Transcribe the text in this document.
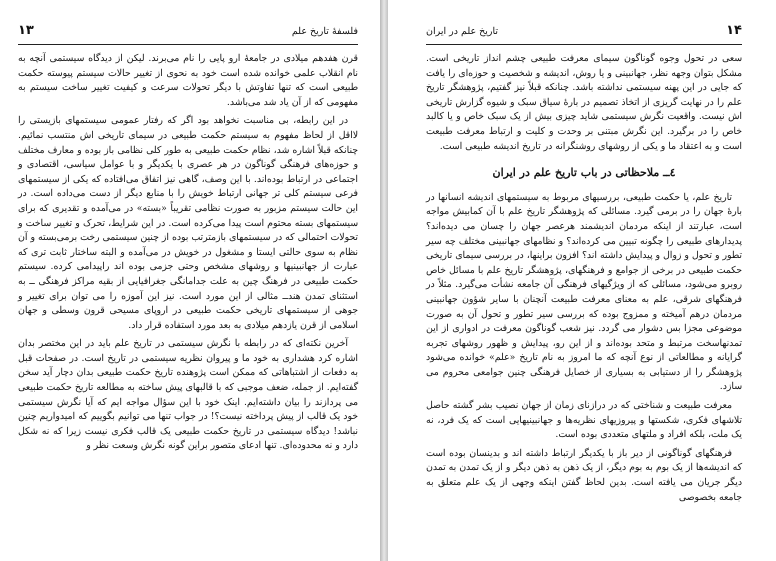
۱۳	فلسفهٔ تاریخ علم

قرن هفدهم میلادی در جامعهٔ ارو پایی را نام می‌برند. لیکن از دیدگاه سیستمی آنچه به نام انقلاب علمی خوانده شده است خود به نحوی از تغییر حالات سیستم پیوسته حکمت طبیعی است که تنها تفاوتش با دیگر تحولات سرعت و کیفیت تغییر ساخت سیستم به مفهومی که از آن یاد شد می‌باشد.

در این رابطه، بی مناسبت نخواهد بود اگر که رفتار عمومی سیستمهای بازیستی را لااقل از لحاظ مفهوم به سیستم حکمت طبیعی در سیمای تاریخی اش منتسب نمائیم. چنانکه قبلاً اشاره شد، نظام حکمت طبیعی به طور کلی نظامی باز بوده و معارف مختلف و حوزه‌های فرهنگی گوناگون در هر عصری با یکدیگر و با عوامل سیاسی، اقتصادی و اجتماعی در ارتباط بوده‌اند. با این وصف، گاهی نیز اتفاق می‌افتاده که یکی از سیستمهای فرعی سیستم کلی تر جهانی ارتباط خویش را با منابع دیگر از دست می‌داده است. در این حالت سیستم مزبور به صورت نظامی تقریباً «بسته» در می‌آمده و تقدیری که برای سیستمهای بسته محتوم است پیدا می‌کرده است. در این شرایط، تحرک و تغییر ساخت و تحولات احتمالی که در سیستمهای بازمترتب بوده از چنین سیستمی رخت برمی‌بسته و آن نظام به سوی حالتی ایستا و مشغول در خویش در می‌آمده و البته ساختار ثابت تری که عبارت از جهانبینیها و روشهای مشخص وحتی جزمی بوده اند راپیدامی کرده. سیستم حکمت طبیعی در فرهنگ چین به علت جدامانگی جغرافیایی از بقیه مراکز فرهنگی ــ به استثنای تمدن هندــ مثالی از این مورد است. نیز این آموزه را می توان برای تغییر و جوهی از سیستمهای تاریخی حکمت طبیعی در اروپای مسیحی قرون وسطی و جهان اسلامی از قرن یازدهم میلادی به بعد مورد استفاده قرار داد.

آخرین نکته‌ای که در رابطه با نگرش سیستمی در تاریخ علم باید در این مختصر بدان اشاره کرد هشداری به خود ما و پیروان نظریه سیستمی در تاریخ است. در صفحات قبل به دفعات از اشتباهاتی که ممکن است پژوهنده تاریخ حکمت طبیعی بدان دچار آید سخن گفته‌ایم. از جمله، ضعف موجبی که با قالبهای پیش ساخته به مطالعه تاریخ حکمت طبیعی می پردازند را بیان داشته‌ایم. اینک خود با این سؤال مواجه ایم که آیا نگرش سیستمی خود یک قالب از پیش پرداخته نیست؟! در جواب تنها می توانیم بگوییم که امیدواریم چنین نباشد! دیدگاه سیستمی در تاریخ حکمت طبیعی یک قالب فکری نیست زیرا که نه شکل دارد و نه محدوده‌ای. تنها ادعای متصور براین گونه نگرش وسعت نظر و

۱۴
تاریخ علم در ایران

سعی در تحول وجوه گوناگون سیمای معرفت طبیعی چشم انداز تاریخی است. مشکل بتوان وجهه نظر، جهانبینی و یا روش، اندیشه و شخصیت و حوزه‌ای را یافت که جایی در این پهنه سیستمی نداشته باشد. چنانکه قبلاً نیز گفتیم، پژوهشگر تاریخ علم را در نهایت گریزی از اتخاذ تصمیم در بارهٔ سیاق سبک و شیوه گزارش تاریخی اش نیست. واقعیت نگرش سیستمی شاید چیزی بیش از یک سبک خاص و یا کالبد خاص را در برگیرد. این نگرش مبتنی بر وحدت و کلیت و ارتباط معرفت طبیعت است و به اعتقاد ما و یکی از روشهای روشنگرانه در تاریخ اندیشه طبیعی است.

٤ــ ملاحظاتی در باب تاریخ علم در ایران

تاریخ علم، یا حکمت طبیعی، بررسیهای مربوط به سیستمهای اندیشه انسانها در بارهٔ جهان را در برمی گیرد. مسائلی که پژوهشگر تاریخ علم با آن کمابیش مواجه است، عبارتند از اینکه مردمان اندیشمند هرعصر جهان را چسان می دیده‌اند؟ پدیدارهای طبیعی را چگونه تبیین می کرده‌اند؟ و نظامهای جهانبینی مختلف چه سیر تطور و تحول و زوال و پیدایش داشته اند؟ افزون براینها، در بررسی سیمای تاریخی حکمت طبیعی در برخی از جوامع و فرهنگهای، پژوهشگر تاریخ علم با مسائل خاص روبرو می‌شود، مسائلی که از ویژگیهای فرهنگی آن جامعه نشأت می‌گیرد. مثلاً در فرهنگهای شرقی، علم به معنای معرفت طبیعت آنچنان با سایر شؤون جهانبینی مردمان درهم آمیخته و ممزوج بوده که بررسی سیر تطور و تحول آن به صورت موضوعی مجزا بس دشوار می گردد. نیز شعب گوناگون معرفت در ادواری از این تمدنهاسخت مرتبط و متحد بوده‌اند و از این رو، پیدایش و ظهور روشهای تجربه گرایانه و مطالعاتی از نوع آنچه که ما امروز به نام تاریخ «علم» خوانده می‌شود پژوهشگر را از دستیابی به بسیاری از خصایل فرهنگی چنین جوامعی محروم می سازد.

معرفت طبیعت و شناختی که در درازنای زمان از جهان نصیب بشر گشته حاصل تلاشهای فکری، شکستها و پیروزیهای نظریه‌ها و جهانبینیهایی است که یک فرد، نه یک ملت، بلکه افراد و ملتهای متعددی بوده است.

فرهنگهای گوناگونی از دیر باز با یکدیگر ارتباط داشته اند و بدینسان بوده است که اندیشه‌ها از یک بوم به بوم دیگر، از یک ذهن به ذهن دیگر و از یک تمدن به تمدن دیگر جریان می یافته است. بدین لحاظ گفتن اینکه وجهی از یک علم متعلق به جامعه بخصوصی
